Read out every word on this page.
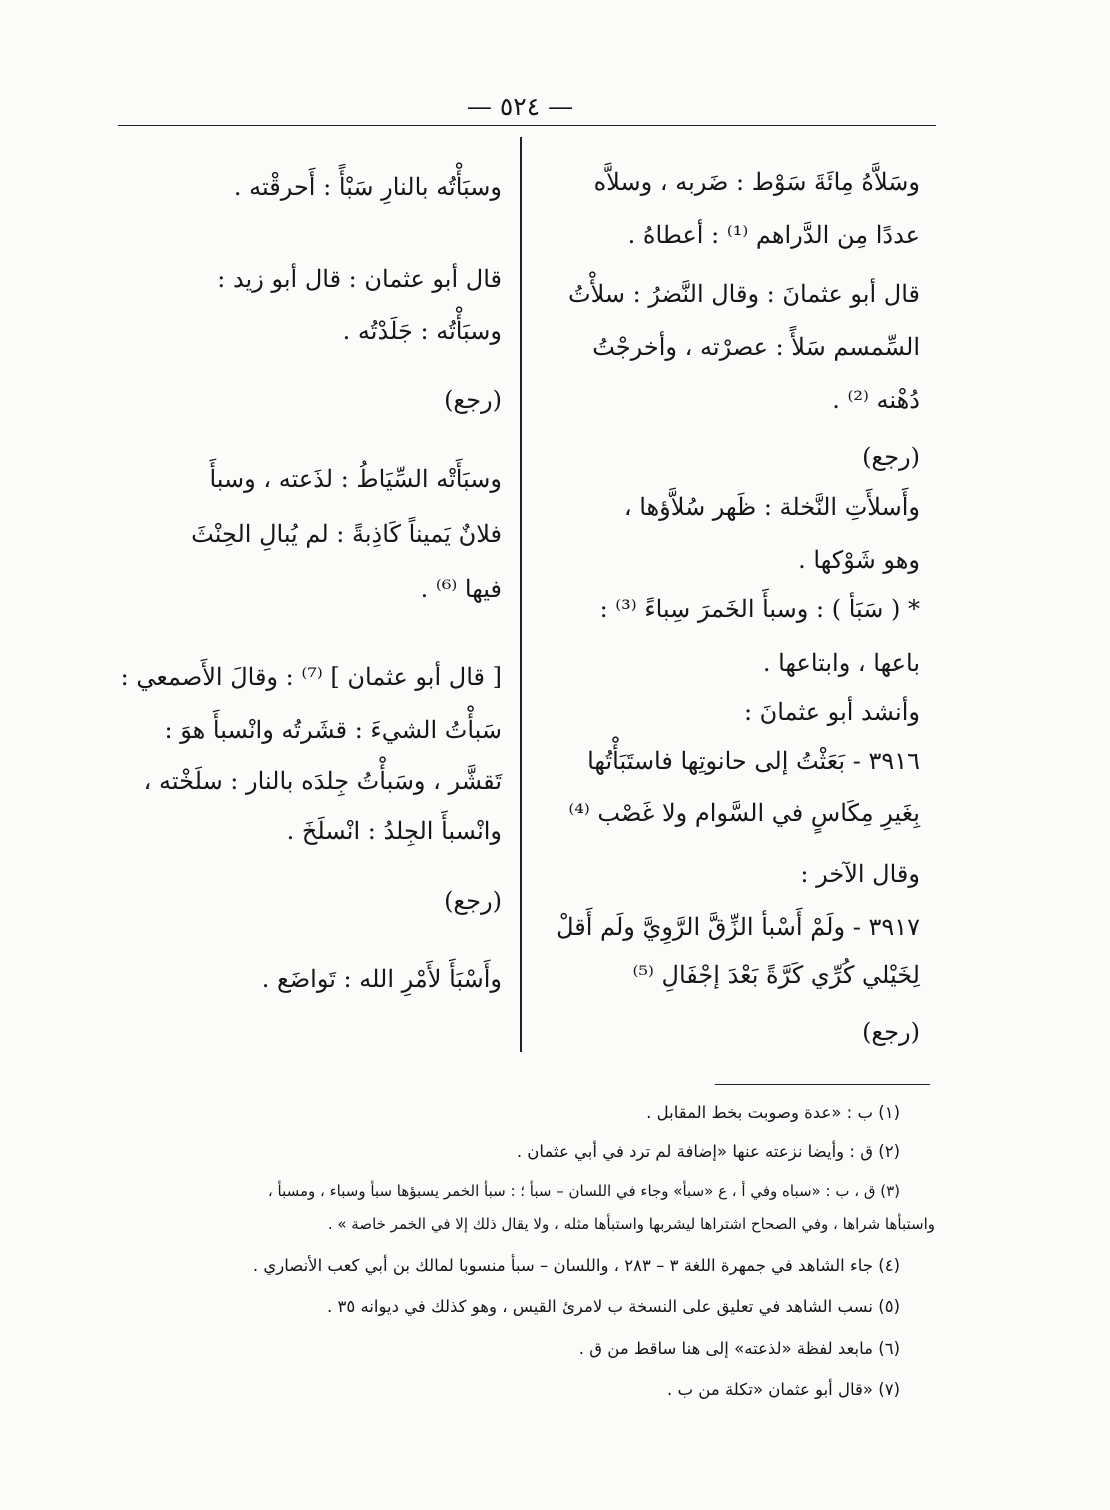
— ٥٢٤ —
وسَلاَّهُ مِائَةَ سَوْط : ضَربه ، وسلاَّه
عددًا مِن الدَّراهم ⁽¹⁾ : أعطاهُ .
قال أبو عثمانَ : وقال النَّضرُ : سلأْتُ
السِّمسم سَلأً : عصرْته ، وأخرجْتُ
دُهْنه ⁽²⁾ .
(رجع)
وأَسلأَتِ النَّخلة : ظَهر سُلاَّؤها ،
وهو شَوْكها .
* ( سَبَأ ) : وسبأَ الخَمرَ سِباءً ⁽³⁾ :
باعها ، وابتاعها .
وأنشد أبو عثمانَ :
٣٩١٦ - بَعَثْتُ إلى حانوتِها فاستَبَأْتُها
بِغَيرِ مِكَاسٍ في السَّوام ولا غَصْب ⁽⁴⁾
وقال الآخر :
٣٩١٧ - ولَمْ أَسْبأ الزِّقَّ الرَّوِيَّ ولَم أَقلْ
لِخَيْلي كُرِّي كَرَّةً بَعْدَ إجْفَالِ ⁽⁵⁾
(رجع)
وسبَأْتُه بالنارِ سَبْأً : أَحرقْته .
قال أبو عثمان : قال أبو زيد :
وسبَأْتُه : جَلَدْتُه .
(رجع)
وسبَأَتْه السِّيَاطُ : لذَعته ، وسبأَ
فلانٌ يَميناً كَاذِبةً : لم يُبالِ الحِنْثَ
فيها ⁽⁶⁾ .
[ قال أبو عثمان ] ⁽⁷⁾ : وقالَ الأَصمعي :
سَبأْتُ الشيءَ : قشَرتُه وانْسبأَ هوَ :
تَقشَّر ، وسَبأْتُ جِلدَه بالنار : سلَخْته ،
وانْسبأَ الجِلدُ : انْسلَخَ .
(رجع)
وأَسْبَأَ لأَمْرِ الله : تَواضَع .
(١) ب : «عدة وصوبت بخط المقابل .
(٢) ق : وأيضا نزعته عنها «إضافة لم ترد في أبي عثمان .
(٣) ق ، ب : «سباه وفي أ ، ع «سبأ» وجاء في اللسان – سبأ ؛ : سبأ الخمر يسبؤها سبأ وسباء ، ومسبأ ،
واستبأها شراها ، وفي الصحاح اشتراها ليشربها واستبأها مثله ، ولا يقال ذلك إلا في الخمر خاصة » .
(٤) جاء الشاهد في جمهرة اللغة ٣ – ٢٨٣ ، واللسان – سبأ منسوبا لمالك بن أبي كعب الأنصاري .
(٥) نسب الشاهد في تعليق على النسخة ب لامرئ القيس ، وهو كذلك في ديوانه ٣٥ .
(٦) مابعد لفظة «لذعته» إلى هنا ساقط من ق .
(٧) «قال أبو عثمان «تكلة من ب .
